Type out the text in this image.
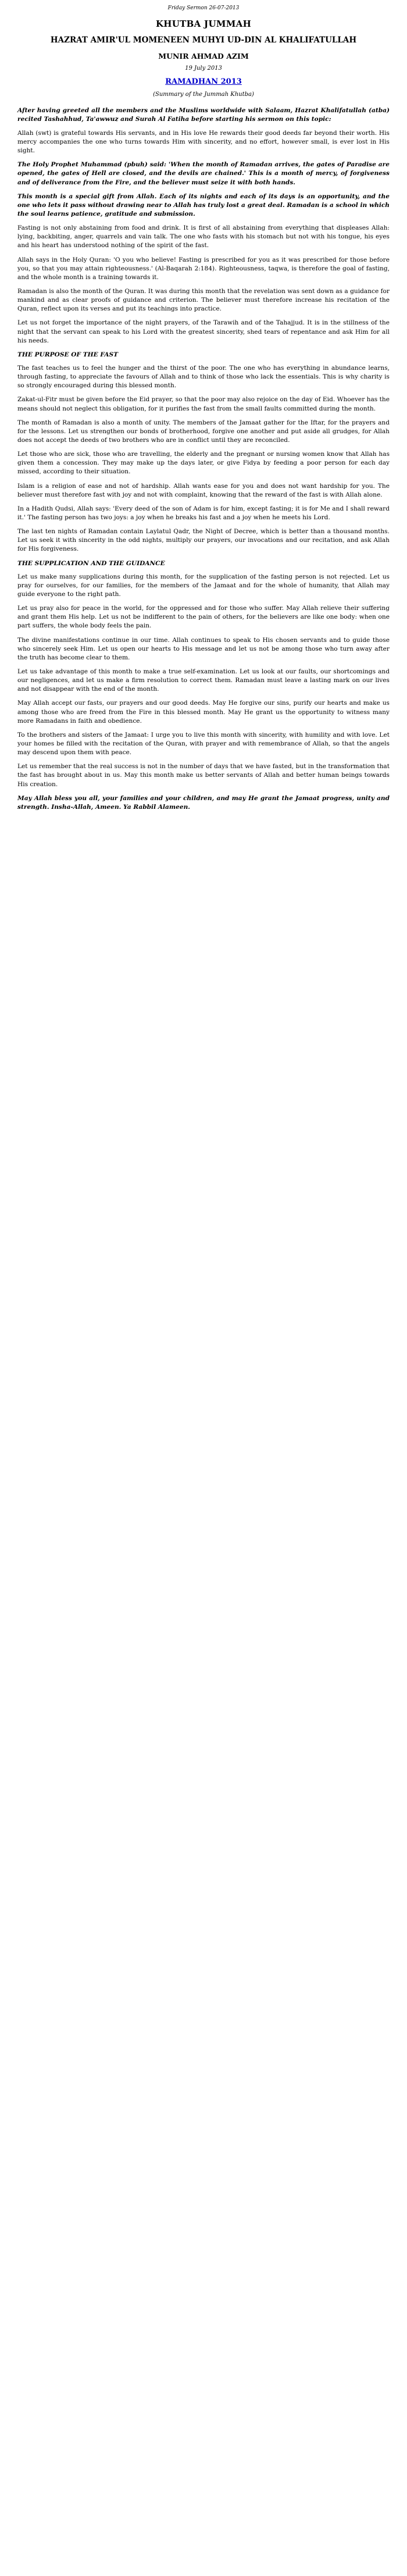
Friday Sermon 26-07-2013
KHUTBA JUMMAH
HAZRAT AMIR'UL MOMENEEN MUHYI UD-DIN AL KHALIFATULLAH
MUNIR AHMAD AZIM
19 July 2013
RAMADHAN 2013
(Summary of the Jummah Khutba)

After having greeted all the members and the Muslims worldwide with Salaam, Hazrat Khalifatullah (atba) recited Tashahhud, Ta'awwuz and Surah Al Fatiha before starting his sermon on this topic:

Allah (swt) is grateful towards His servants, and in His love He rewards their good deeds far beyond their worth. His mercy accompanies the one who turns towards Him with sincerity, and no effort, however small, is ever lost in His sight.

The Holy Prophet Muhammad (pbuh) said: 'When the month of Ramadan arrives, the gates of Paradise are opened, the gates of Hell are closed, and the devils are chained.' This is a month of mercy, of forgiveness and of deliverance from the Fire, and the believer must seize it with both hands.

This month is a special gift from Allah. Each of its nights and each of its days is an opportunity, and the one who lets it pass without drawing near to Allah has truly lost a great deal. Ramadan is a school in which the soul learns patience, gratitude and submission.

Fasting is not only abstaining from food and drink. It is first of all abstaining from everything that displeases Allah: lying, backbiting, anger, quarrels and vain talk. The one who fasts with his stomach but not with his tongue, his eyes and his heart has understood nothing of the spirit of the fast.

Allah says in the Holy Quran: 'O you who believe! Fasting is prescribed for you as it was prescribed for those before you, so that you may attain righteousness.' (Al-Baqarah 2:184). Righteousness, taqwa, is therefore the goal of fasting, and the whole month is a training towards it.

Ramadan is also the month of the Quran. It was during this month that the revelation was sent down as a guidance for mankind and as clear proofs of guidance and criterion. The believer must therefore increase his recitation of the Quran, reflect upon its verses and put its teachings into practice.

Let us not forget the importance of the night prayers, of the Tarawih and of the Tahajjud. It is in the stillness of the night that the servant can speak to his Lord with the greatest sincerity, shed tears of repentance and ask Him for all his needs.

THE PURPOSE OF THE FAST

The fast teaches us to feel the hunger and the thirst of the poor. The one who has everything in abundance learns, through fasting, to appreciate the favours of Allah and to think of those who lack the essentials. This is why charity is so strongly encouraged during this blessed month.

Zakat-ul-Fitr must be given before the Eid prayer, so that the poor may also rejoice on the day of Eid. Whoever has the means should not neglect this obligation, for it purifies the fast from the small faults committed during the month.

The month of Ramadan is also a month of unity. The members of the Jamaat gather for the Iftar, for the prayers and for the lessons. Let us strengthen our bonds of brotherhood, forgive one another and put aside all grudges, for Allah does not accept the deeds of two brothers who are in conflict until they are reconciled.

Let those who are sick, those who are travelling, the elderly and the pregnant or nursing women know that Allah has given them a concession. They may make up the days later, or give Fidya by feeding a poor person for each day missed, according to their situation.

Islam is a religion of ease and not of hardship. Allah wants ease for you and does not want hardship for you. The believer must therefore fast with joy and not with complaint, knowing that the reward of the fast is with Allah alone.

In a Hadith Qudsi, Allah says: 'Every deed of the son of Adam is for him, except fasting; it is for Me and I shall reward it.' The fasting person has two joys: a joy when he breaks his fast and a joy when he meets his Lord.

The last ten nights of Ramadan contain Laylatul Qadr, the Night of Decree, which is better than a thousand months. Let us seek it with sincerity in the odd nights, multiply our prayers, our invocations and our recitation, and ask Allah for His forgiveness.

THE SUPPLICATION AND THE GUIDANCE

Let us make many supplications during this month, for the supplication of the fasting person is not rejected. Let us pray for ourselves, for our families, for the members of the Jamaat and for the whole of humanity, that Allah may guide everyone to the right path.

Let us pray also for peace in the world, for the oppressed and for those who suffer. May Allah relieve their suffering and grant them His help. Let us not be indifferent to the pain of others, for the believers are like one body: when one part suffers, the whole body feels the pain.

The divine manifestations continue in our time. Allah continues to speak to His chosen servants and to guide those who sincerely seek Him. Let us open our hearts to His message and let us not be among those who turn away after the truth has become clear to them.

Let us take advantage of this month to make a true self-examination. Let us look at our faults, our shortcomings and our negligences, and let us make a firm resolution to correct them. Ramadan must leave a lasting mark on our lives and not disappear with the end of the month.

May Allah accept our fasts, our prayers and our good deeds. May He forgive our sins, purify our hearts and make us among those who are freed from the Fire in this blessed month. May He grant us the opportunity to witness many more Ramadans in faith and obedience.

To the brothers and sisters of the Jamaat: I urge you to live this month with sincerity, with humility and with love. Let your homes be filled with the recitation of the Quran, with prayer and with remembrance of Allah, so that the angels may descend upon them with peace.

Let us remember that the real success is not in the number of days that we have fasted, but in the transformation that the fast has brought about in us. May this month make us better servants of Allah and better human beings towards His creation.

May Allah bless you all, your families and your children, and may He grant the Jamaat progress, unity and strength. Insha-Allah, Ameen. Ya Rabbil Alameen.
